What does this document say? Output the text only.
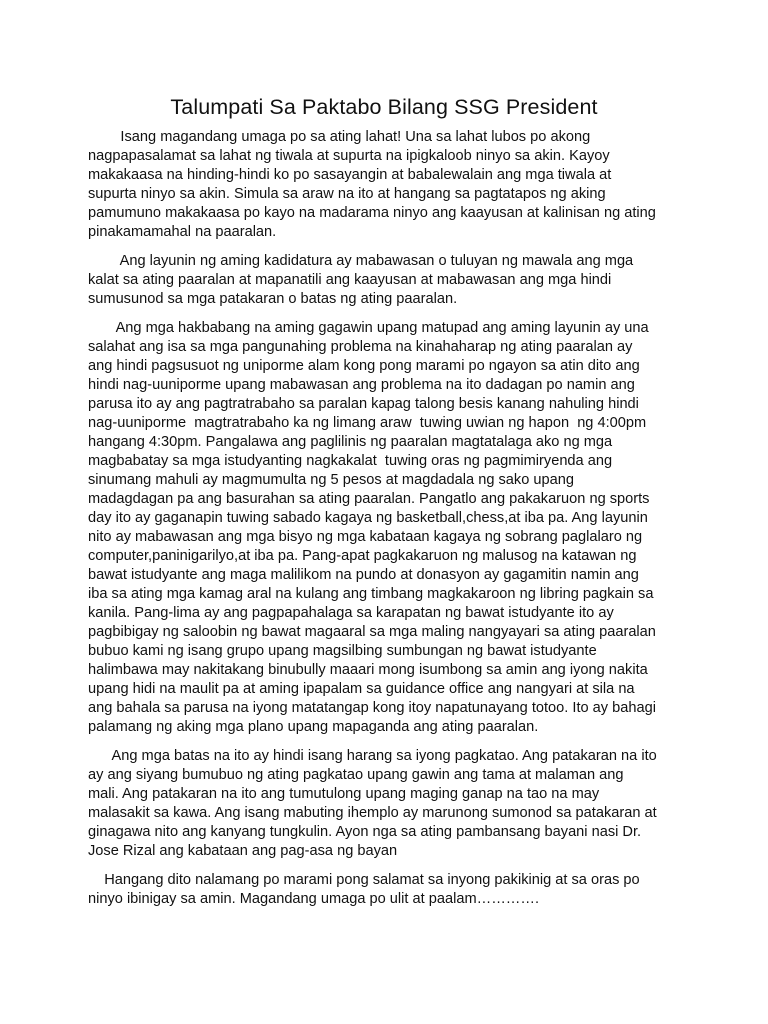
Talumpati Sa Paktabo Bilang SSG President

Isang magandang umaga po sa ating lahat! Una sa lahat lubos po akong
nagpapasalamat sa lahat ng tiwala at supurta na ipigkaloob ninyo sa akin. Kayoy
makakaasa na hinding-hindi ko po sasayangin at babalewalain ang mga tiwala at
supurta ninyo sa akin. Simula sa araw na ito at hangang sa pagtatapos ng aking
pamumuno makakaasa po kayo na madarama ninyo ang kaayusan at kalinisan ng ating
pinakamamahal na paaralan.

Ang layunin ng aming kadidatura ay mabawasan o tuluyan ng mawala ang mga
kalat sa ating paaralan at mapanatili ang kaayusan at mabawasan ang mga hindi
sumusunod sa mga patakaran o batas ng ating paaralan.

Ang mga hakbabang na aming gagawin upang matupad ang aming layunin ay una
salahat ang isa sa mga pangunahing problema na kinahaharap ng ating paaralan ay
ang hindi pagsusuot ng uniporme alam kong pong marami po ngayon sa atin dito ang
hindi nag-uuniporme upang mabawasan ang problema na ito dadagan po namin ang
parusa ito ay ang pagtratrabaho sa paralan kapag talong besis kanang nahuling hindi
nag-uuniporme  magtratrabaho ka ng limang araw  tuwing uwian ng hapon  ng 4:00pm
hangang 4:30pm. Pangalawa ang paglilinis ng paaralan magtatalaga ako ng mga
magbabatay sa mga istudyanting nagkakalat  tuwing oras ng pagmimiryenda ang
sinumang mahuli ay magmumulta ng 5 pesos at magdadala ng sako upang
madagdagan pa ang basurahan sa ating paaralan. Pangatlo ang pakakaruon ng sports
day ito ay gaganapin tuwing sabado kagaya ng basketball,chess,at iba pa. Ang layunin
nito ay mabawasan ang mga bisyo ng mga kabataan kagaya ng sobrang paglalaro ng
computer,paninigarilyo,at iba pa. Pang-apat pagkakaruon ng malusog na katawan ng
bawat istudyante ang maga malilikom na pundo at donasyon ay gagamitin namin ang
iba sa ating mga kamag aral na kulang ang timbang magkakaroon ng libring pagkain sa
kanila. Pang-lima ay ang pagpapahalaga sa karapatan ng bawat istudyante ito ay
pagbibigay ng saloobin ng bawat magaaral sa mga maling nangyayari sa ating paaralan
bubuo kami ng isang grupo upang magsilbing sumbungan ng bawat istudyante
halimbawa may nakitakang binubully maaari mong isumbong sa amin ang iyong nakita
upang hidi na maulit pa at aming ipapalam sa guidance office ang nangyari at sila na
ang bahala sa parusa na iyong matatangap kong itoy napatunayang totoo. Ito ay bahagi
palamang ng aking mga plano upang mapaganda ang ating paaralan.

Ang mga batas na ito ay hindi isang harang sa iyong pagkatao. Ang patakaran na ito
ay ang siyang bumubuo ng ating pagkatao upang gawin ang tama at malaman ang
mali. Ang patakaran na ito ang tumutulong upang maging ganap na tao na may
malasakit sa kawa. Ang isang mabuting ihemplo ay marunong sumonod sa patakaran at
ginagawa nito ang kanyang tungkulin. Ayon nga sa ating pambansang bayani nasi Dr.
Jose Rizal ang kabataan ang pag-asa ng bayan

Hangang dito nalamang po marami pong salamat sa inyong pakikinig at sa oras po
ninyo ibinigay sa amin. Magandang umaga po ulit at paalam………….
